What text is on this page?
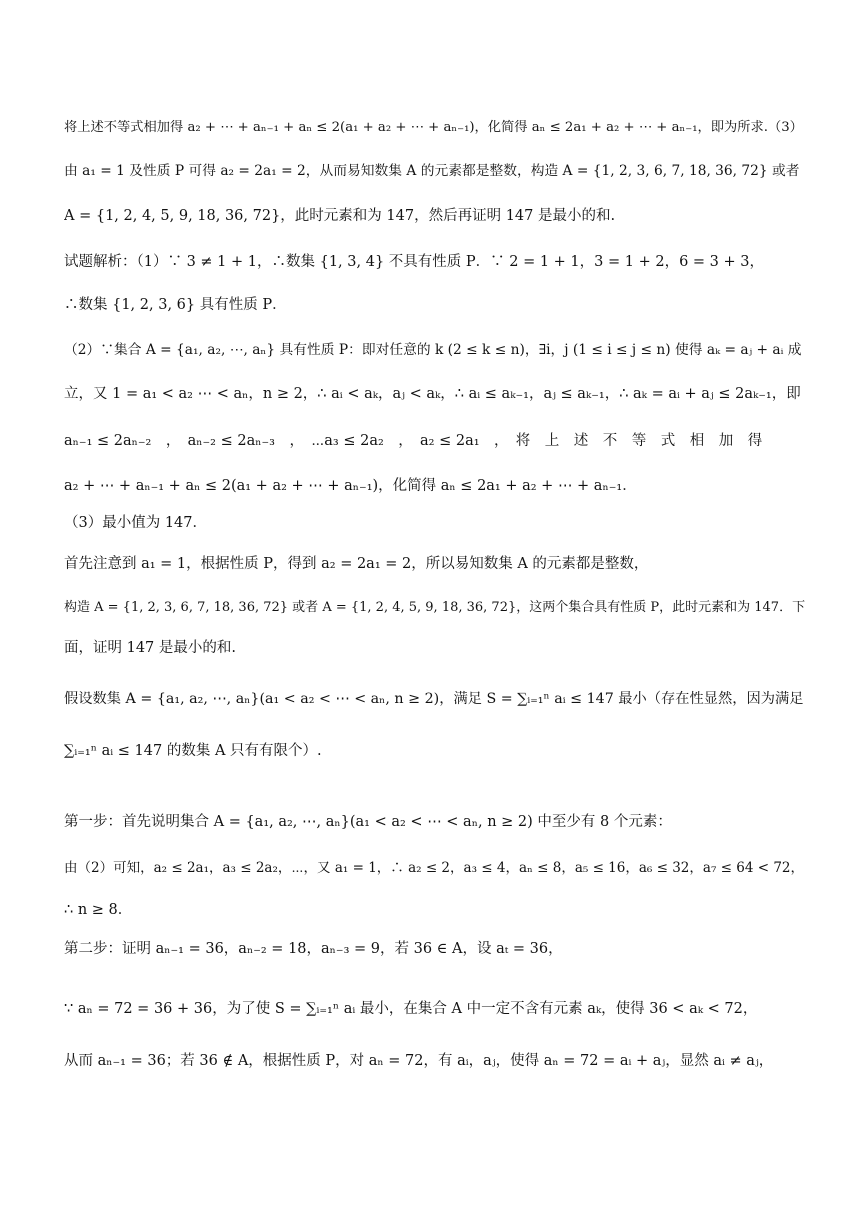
将上述不等式相加得 a₂ + ⋯ + aₙ₋₁ + aₙ ≤ 2(a₁ + a₂ + ⋯ + aₙ₋₁)，化简得 aₙ ≤ 2a₁ + a₂ + ⋯ + aₙ₋₁，即为所求.（3）
由 a₁ = 1 及性质 P 可得 a₂ = 2a₁ = 2，从而易知数集 A 的元素都是整数，构造 A = {1, 2, 3, 6, 7, 18, 36, 72} 或者
A = {1, 2, 4, 5, 9, 18, 36, 72}，此时元素和为 147，然后再证明 147 是最小的和.
试题解析：（1）∵ 3 ≠ 1 + 1，∴数集 {1, 3, 4} 不具有性质 P．∵ 2 = 1 + 1，3 = 1 + 2，6 = 3 + 3，
∴数集 {1, 2, 3, 6} 具有性质 P．
（2）∵集合 A = {a₁, a₂, ⋯, aₙ} 具有性质 P：即对任意的 k (2 ≤ k ≤ n)，∃i，j (1 ≤ i ≤ j ≤ n) 使得 aₖ = aⱼ + aᵢ 成
立，又 1 = a₁ < a₂ ⋯ < aₙ，n ≥ 2，∴ aᵢ < aₖ，aⱼ < aₖ，∴ aᵢ ≤ aₖ₋₁，aⱼ ≤ aₖ₋₁，∴ aₖ = aᵢ + aⱼ ≤ 2aₖ₋₁，即
aₙ₋₁ ≤ 2aₙ₋₂　，　aₙ₋₂ ≤ 2aₙ₋₃　，　⋯a₃ ≤ 2a₂　，　a₂ ≤ 2a₁　，　将　上　述　不　等　式　相　加　得
a₂ + ⋯ + aₙ₋₁ + aₙ ≤ 2(a₁ + a₂ + ⋯ + aₙ₋₁)，化简得 aₙ ≤ 2a₁ + a₂ + ⋯ + aₙ₋₁．
（3）最小值为 147．
首先注意到 a₁ = 1，根据性质 P，得到 a₂ = 2a₁ = 2，所以易知数集 A 的元素都是整数，
构造 A = {1, 2, 3, 6, 7, 18, 36, 72} 或者 A = {1, 2, 4, 5, 9, 18, 36, 72}，这两个集合具有性质 P，此时元素和为 147．下
面，证明 147 是最小的和.
假设数集 A = {a₁, a₂, ⋯, aₙ}(a₁ < a₂ < ⋯ < aₙ, n ≥ 2)，满足 S = ∑ᵢ₌₁ⁿ aᵢ ≤ 147 最小（存在性显然，因为满足
∑ᵢ₌₁ⁿ aᵢ ≤ 147 的数集 A 只有有限个）.
第一步：首先说明集合 A = {a₁, a₂, ⋯, aₙ}(a₁ < a₂ < ⋯ < aₙ, n ≥ 2) 中至少有 8 个元素：
由（2）可知，a₂ ≤ 2a₁，a₃ ≤ 2a₂，⋯，又 a₁ = 1，∴ a₂ ≤ 2，a₃ ≤ 4，aₙ ≤ 8，a₅ ≤ 16，a₆ ≤ 32，a₇ ≤ 64 < 72，
∴ n ≥ 8．
第二步：证明 aₙ₋₁ = 36，aₙ₋₂ = 18，aₙ₋₃ = 9，若 36 ∈ A，设 aₜ = 36，
∵ aₙ = 72 = 36 + 36，为了使 S = ∑ᵢ₌₁ⁿ aᵢ 最小，在集合 A 中一定不含有元素 aₖ，使得 36 < aₖ < 72，
从而 aₙ₋₁ = 36；若 36 ∉ A，根据性质 P，对 aₙ = 72，有 aᵢ，aⱼ，使得 aₙ = 72 = aᵢ + aⱼ，显然 aᵢ ≠ aⱼ，
